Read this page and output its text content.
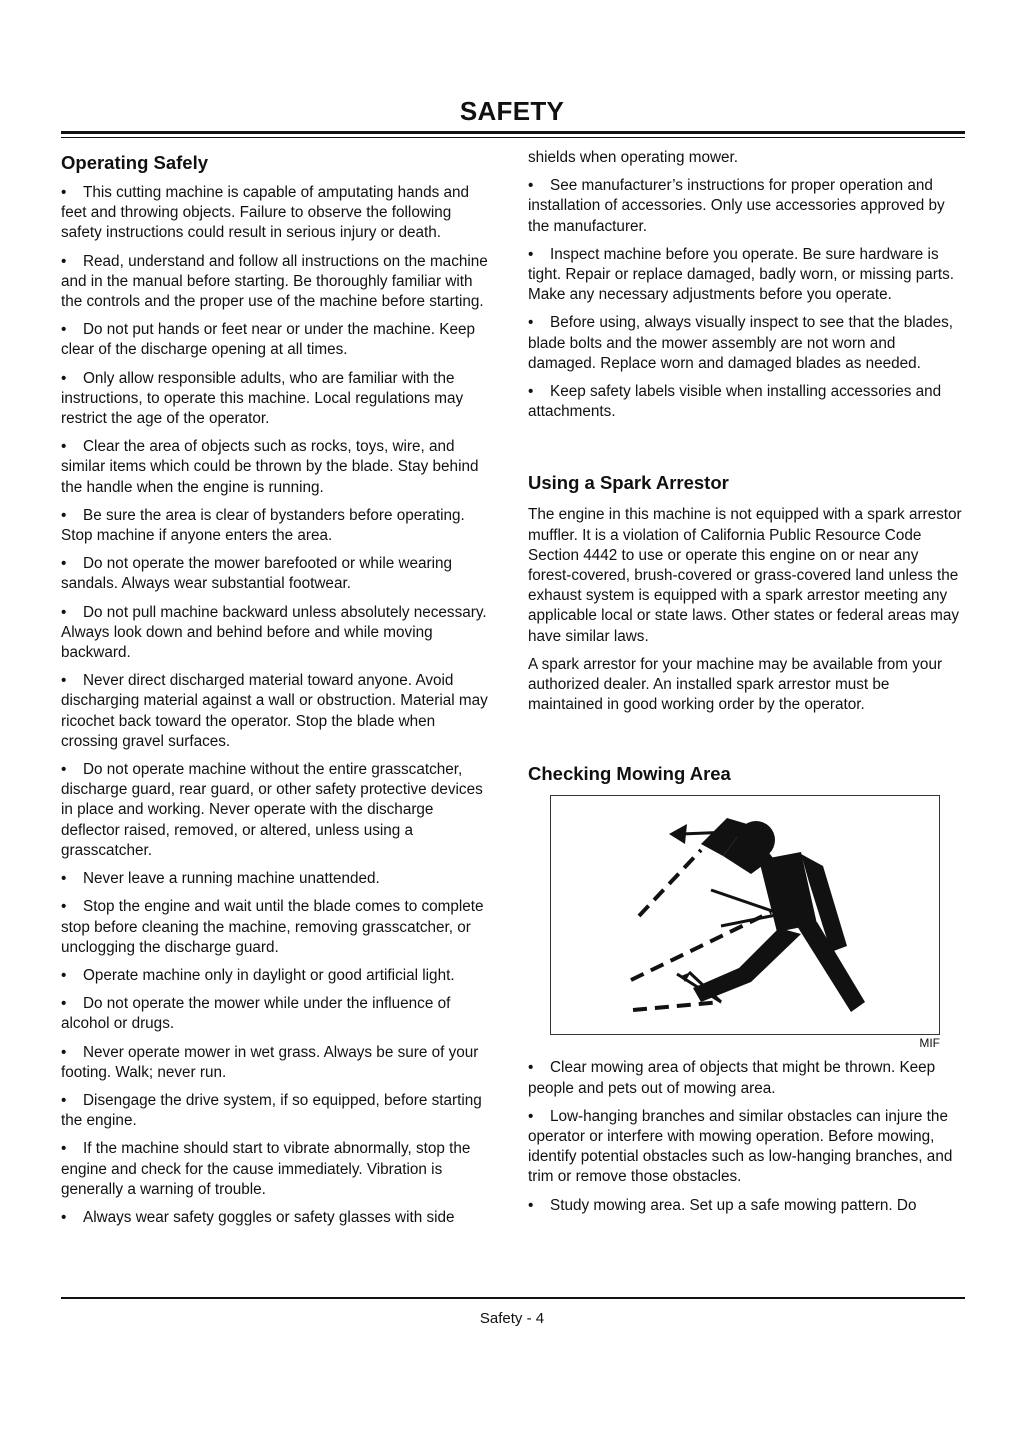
SAFETY
Operating Safely
• This cutting machine is capable of amputating hands and feet and throwing objects. Failure to observe the following safety instructions could result in serious injury or death.
• Read, understand and follow all instructions on the machine and in the manual before starting. Be thoroughly familiar with the controls and the proper use of the machine before starting.
• Do not put hands or feet near or under the machine. Keep clear of the discharge opening at all times.
• Only allow responsible adults, who are familiar with the instructions, to operate this machine. Local regulations may restrict the age of the operator.
• Clear the area of objects such as rocks, toys, wire, and similar items which could be thrown by the blade. Stay behind the handle when the engine is running.
• Be sure the area is clear of bystanders before operating. Stop machine if anyone enters the area.
• Do not operate the mower barefooted or while wearing sandals. Always wear substantial footwear.
• Do not pull machine backward unless absolutely necessary. Always look down and behind before and while moving backward.
• Never direct discharged material toward anyone. Avoid discharging material against a wall or obstruction. Material may ricochet back toward the operator. Stop the blade when crossing gravel surfaces.
• Do not operate machine without the entire grasscatcher, discharge guard, rear guard, or other safety protective devices in place and working. Never operate with the discharge deflector raised, removed, or altered, unless using a grasscatcher.
• Never leave a running machine unattended.
• Stop the engine and wait until the blade comes to complete stop before cleaning the machine, removing grasscatcher, or unclogging the discharge guard.
• Operate machine only in daylight or good artificial light.
• Do not operate the mower while under the influence of alcohol or drugs.
• Never operate mower in wet grass. Always be sure of your footing. Walk; never run.
• Disengage the drive system, if so equipped, before starting the engine.
• If the machine should start to vibrate abnormally, stop the engine and check for the cause immediately. Vibration is generally a warning of trouble.
• Always wear safety goggles or safety glasses with side

shields when operating mower.

• See manufacturer’s instructions for proper operation and installation of accessories. Only use accessories approved by the manufacturer.
• Inspect machine before you operate. Be sure hardware is tight. Repair or replace damaged, badly worn, or missing parts. Make any necessary adjustments before you operate.
• Before using, always visually inspect to see that the blades, blade bolts and the mower assembly are not worn and damaged. Replace worn and damaged blades as needed.
• Keep safety labels visible when installing accessories and attachments.
Using a Spark Arrestor

The engine in this machine is not equipped with a spark arrestor muffler. It is a violation of California Public Resource Code Section 4442 to use or operate this engine on or near any forest-covered, brush-covered or grass-covered land unless the exhaust system is equipped with a spark arrestor meeting any applicable local or state laws. Other states or federal areas may have similar laws.

A spark arrestor for your machine may be available from your authorized dealer. An installed spark arrestor must be maintained in good working order by the operator.

Checking Mowing Area
MIF
• Clear mowing area of objects that might be thrown. Keep people and pets out of mowing area.
• Low-hanging branches and similar obstacles can injure the operator or interfere with mowing operation. Before mowing, identify potential obstacles such as low-hanging branches, and trim or remove those obstacles.
• Study mowing area. Set up a safe mowing pattern. Do
Safety - 4
